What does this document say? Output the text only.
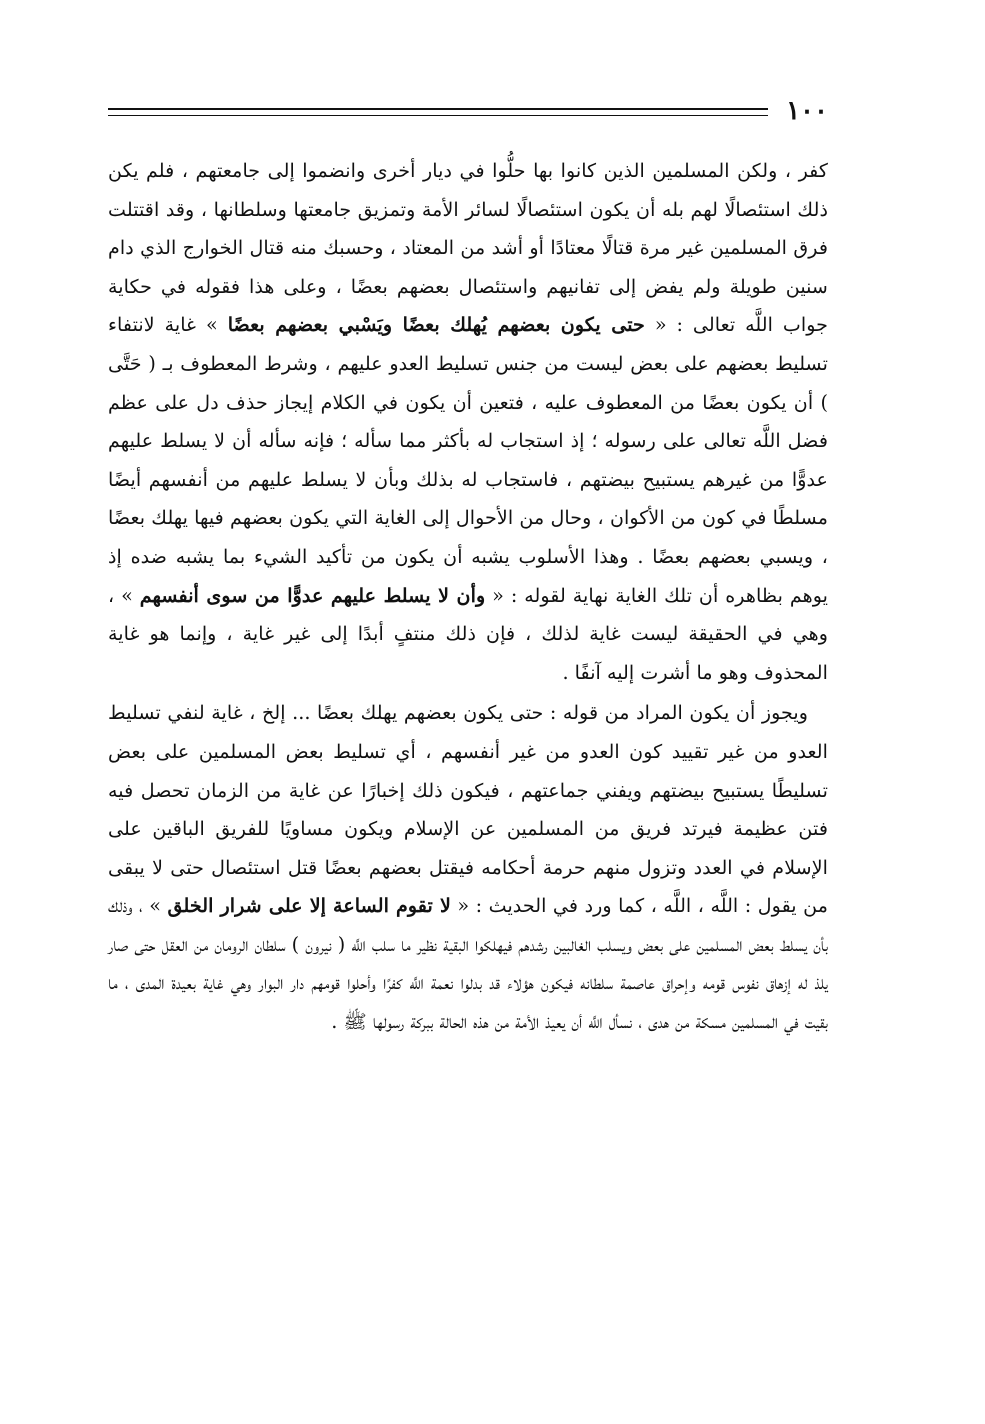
١٠٠

كفر ، ولكن المسلمين الذين كانوا بها حلُّوا في ديار أخرى وانضموا إلى جامعتهم ، فلم يكن ذلك استئصالًا لهم بله أن يكون استئصالًا لسائر الأمة وتمزيق جامعتها وسلطانها ، وقد اقتتلت فرق المسلمين غير مرة قتالًا معتادًا أو أشد من المعتاد ، وحسبك منه قتال الخوارج الذي دام سنين طويلة ولم يفض إلى تفانيهم واستئصال بعضهم بعضًا ، وعلى هذا فقوله في حكاية جواب اللَّه تعالى : « حتى يكون بعضهم يُهلك بعضًا ويَسْبي بعضهم بعضًا » غاية لانتفاء تسليط بعضهم على بعض ليست من جنس تسليط العدو عليهم ، وشرط المعطوف بـ ( حَتَّى ) أن يكون بعضًا من المعطوف عليه ، فتعين أن يكون في الكلام إيجاز حذف دل على عظم فضل اللَّه تعالى على رسوله ؛ إذ استجاب له بأكثر مما سأله ؛ فإنه سأله أن لا يسلط عليهم عدوًّا من غيرهم يستبيح بيضتهم ، فاستجاب له بذلك وبأن لا يسلط عليهم من أنفسهم أيضًا مسلطًا في كون من الأكوان ، وحال من الأحوال إلى الغاية التي يكون بعضهم فيها يهلك بعضًا ، ويسبي بعضهم بعضًا . وهذا الأسلوب يشبه أن يكون من تأكيد الشيء بما يشبه ضده إذ يوهم بظاهره أن تلك الغاية نهاية لقوله : « وأن لا يسلط عليهم عدوًّا من سوى أنفسهم » ، وهي في الحقيقة ليست غاية لذلك ، فإن ذلك منتفٍ أبدًا إلى غير غاية ، وإنما هو غاية المحذوف وهو ما أشرت إليه آنفًا .

ويجوز أن يكون المراد من قوله : حتى يكون بعضهم يهلك بعضًا ... إلخ ، غاية لنفي تسليط العدو من غير تقييد كون العدو من غير أنفسهم ، أي تسليط بعض المسلمين على بعض تسليطًا يستبيح بيضتهم ويفني جماعتهم ، فيكون ذلك إخبارًا عن غاية من الزمان تحصل فيه فتن عظيمة فيرتد فريق من المسلمين عن الإسلام ويكون مساويًا للفريق الباقين على الإسلام في العدد وتزول منهم حرمة أحكامه فيقتل بعضهم بعضًا قتل استئصال حتى لا يبقى من يقول : اللَّه ، اللَّه ، كما ورد في الحديث : « لا تقوم الساعة إلا على شرار الخلق » ، وذلك بأن يسلط بعض المسلمين على بعض ويسلب الغالبين رشدهم فيهلكوا البقية نظير ما سلب اللَّه ( نيرون ) سلطان الرومان من العقل حتى صار يلذ له إزهاق نفوس قومه وإحراق عاصمة سلطانه فيكون هؤلاء قد بدلوا نعمة اللَّه كفرًا وأحلوا قومهم دار البوار وهي غاية بعيدة المدى ، ما بقيت في المسلمين مسكة من هدى ، نسأل اللَّه أن يعيذ الأمة من هذه الحالة ببركة رسولها ﷺ .
